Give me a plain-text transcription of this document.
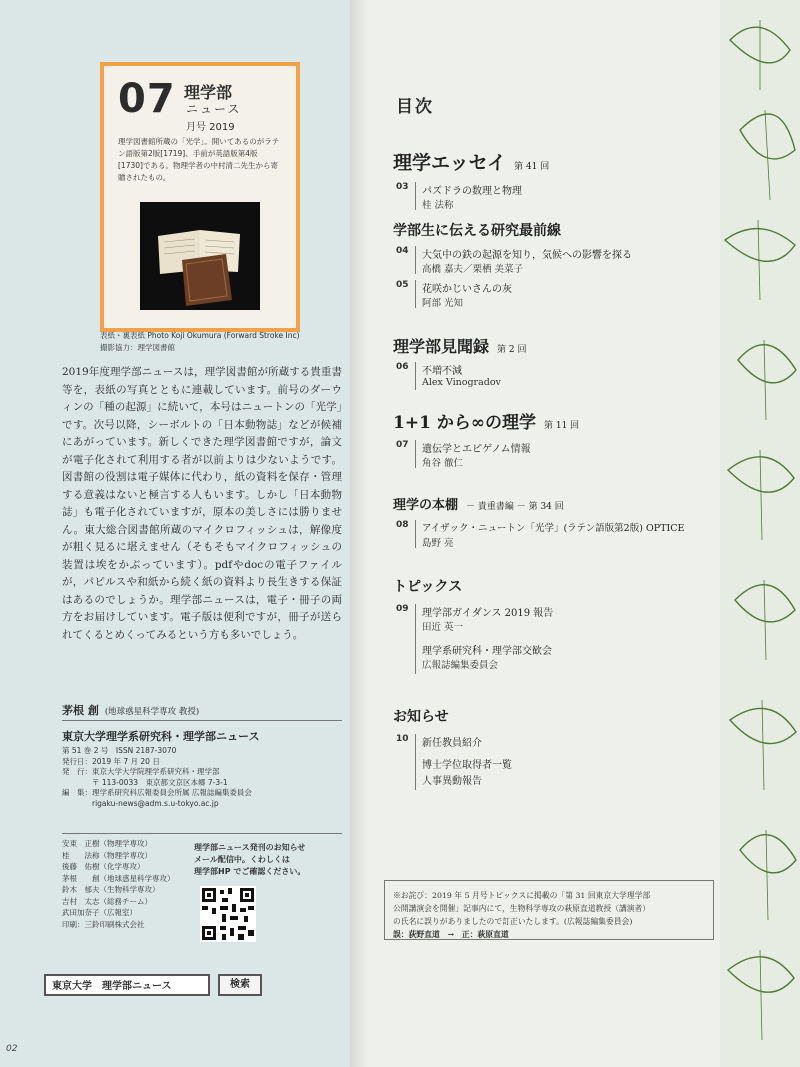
07 理学部
ニュース
月号 2019
理学図書館所蔵の「光学」。開いてあるのがラテン語版第2版[1719]、手前が英語版第4版[1730]である。物理学者の中村清二先生から寄贈されたもの。
表紙・裏表紙 Photo Koji Okumura (Forward Stroke Inc)
撮影協力：理学図書館
2019年度理学部ニュースは，理学図書館が所蔵する貴重書等を，表紙の写真とともに連載しています。前号のダーウィンの「種の起源」に続いて，本号はニュートンの「光学」です。次号以降，シーボルトの「日本動物誌」などが候補にあがっています。新しくできた理学図書館ですが，論文が電子化されて利用する者が以前よりは少ないようです。図書館の役割は電子媒体に代わり，紙の資料を保存・管理する意義はないと極言する人もいます。しかし「日本動物誌」も電子化されていますが，原本の美しさには勝りません。東大総合図書館所蔵のマイクロフィッシュは，解像度が粗く見るに堪えません（そもそもマイクロフィッシュの装置は埃をかぶっています）。pdfやdocの電子ファイルが，パピルスや和紙から続く紙の資料より長生きする保証はあるのでしょうか。理学部ニュースは，電子・冊子の両方をお届けしています。電子版は便利ですが，冊子が送られてくるとめくってみるという方も多いでしょう。
茅根 創 (地球惑星科学専攻 教授)
東京大学理学系研究科・理学部ニュース
第 51 巻 2 号　ISSN 2187-3070
発行日：2019 年 7 月 20 日
発　行：東京大学大学院理学系研究科・理学部
　　　　〒 113-0033　東京都文京区本郷 7-3-1
編　集：理学系研究科広報委員会所属 広報誌編集委員会
　　　　rigaku-news@adm.s.u-tokyo.ac.jp
安東　正樹（物理学専攻）
桂　　法称（物理学専攻）
後藤　佑樹（化学専攻）
茅根　　創（地球惑星科学専攻）
鈴木　郁夫（生物科学専攻）
吉村　太志（総務チーム）
武田加奈子（広報室）
印刷：三鈴印刷株式会社
理学部ニュース発刊のお知らせ
メール配信中。くわしくは
理学部HP でご確認ください。
東京大学　理学部ニュース	検索
02
目次
理学エッセイ 第 41 回
03 パズドラの数理と物理
桂 法称
学部生に伝える研究最前線
04 大気中の鉄の起源を知り，気候への影響を探る
高橋 嘉夫／栗栖 美菜子
05 花咲かじいさんの灰
阿部 光知
理学部見聞録 第 2 回
06 不増不減
Alex Vinogradov
1+1 から∞の理学 第 11 回
07 遺伝学とエピゲノム情報
角谷 徹仁
理学の本棚 － 貴重書編 － 第 34 回
08 アイザック・ニュートン「光学」(ラテン語版第2版) OPTICE
島野 亮
トピックス
09 理学部ガイダンス 2019 報告
田近 英一
理学系研究科・理学部交歓会
広報誌編集委員会
お知らせ
10 新任教員紹介
博士学位取得者一覧
人事異動報告
※お詫び：2019 年 5 月号トピックスに掲載の「第 31 回東京大学理学部
公開講演会を開催」記事内にて，生物科学専攻の萩原直道教授（講演者）
の氏名に誤りがありましたので訂正いたします。(広報誌編集委員会)
誤：荻野直道　→　正：萩原直道
